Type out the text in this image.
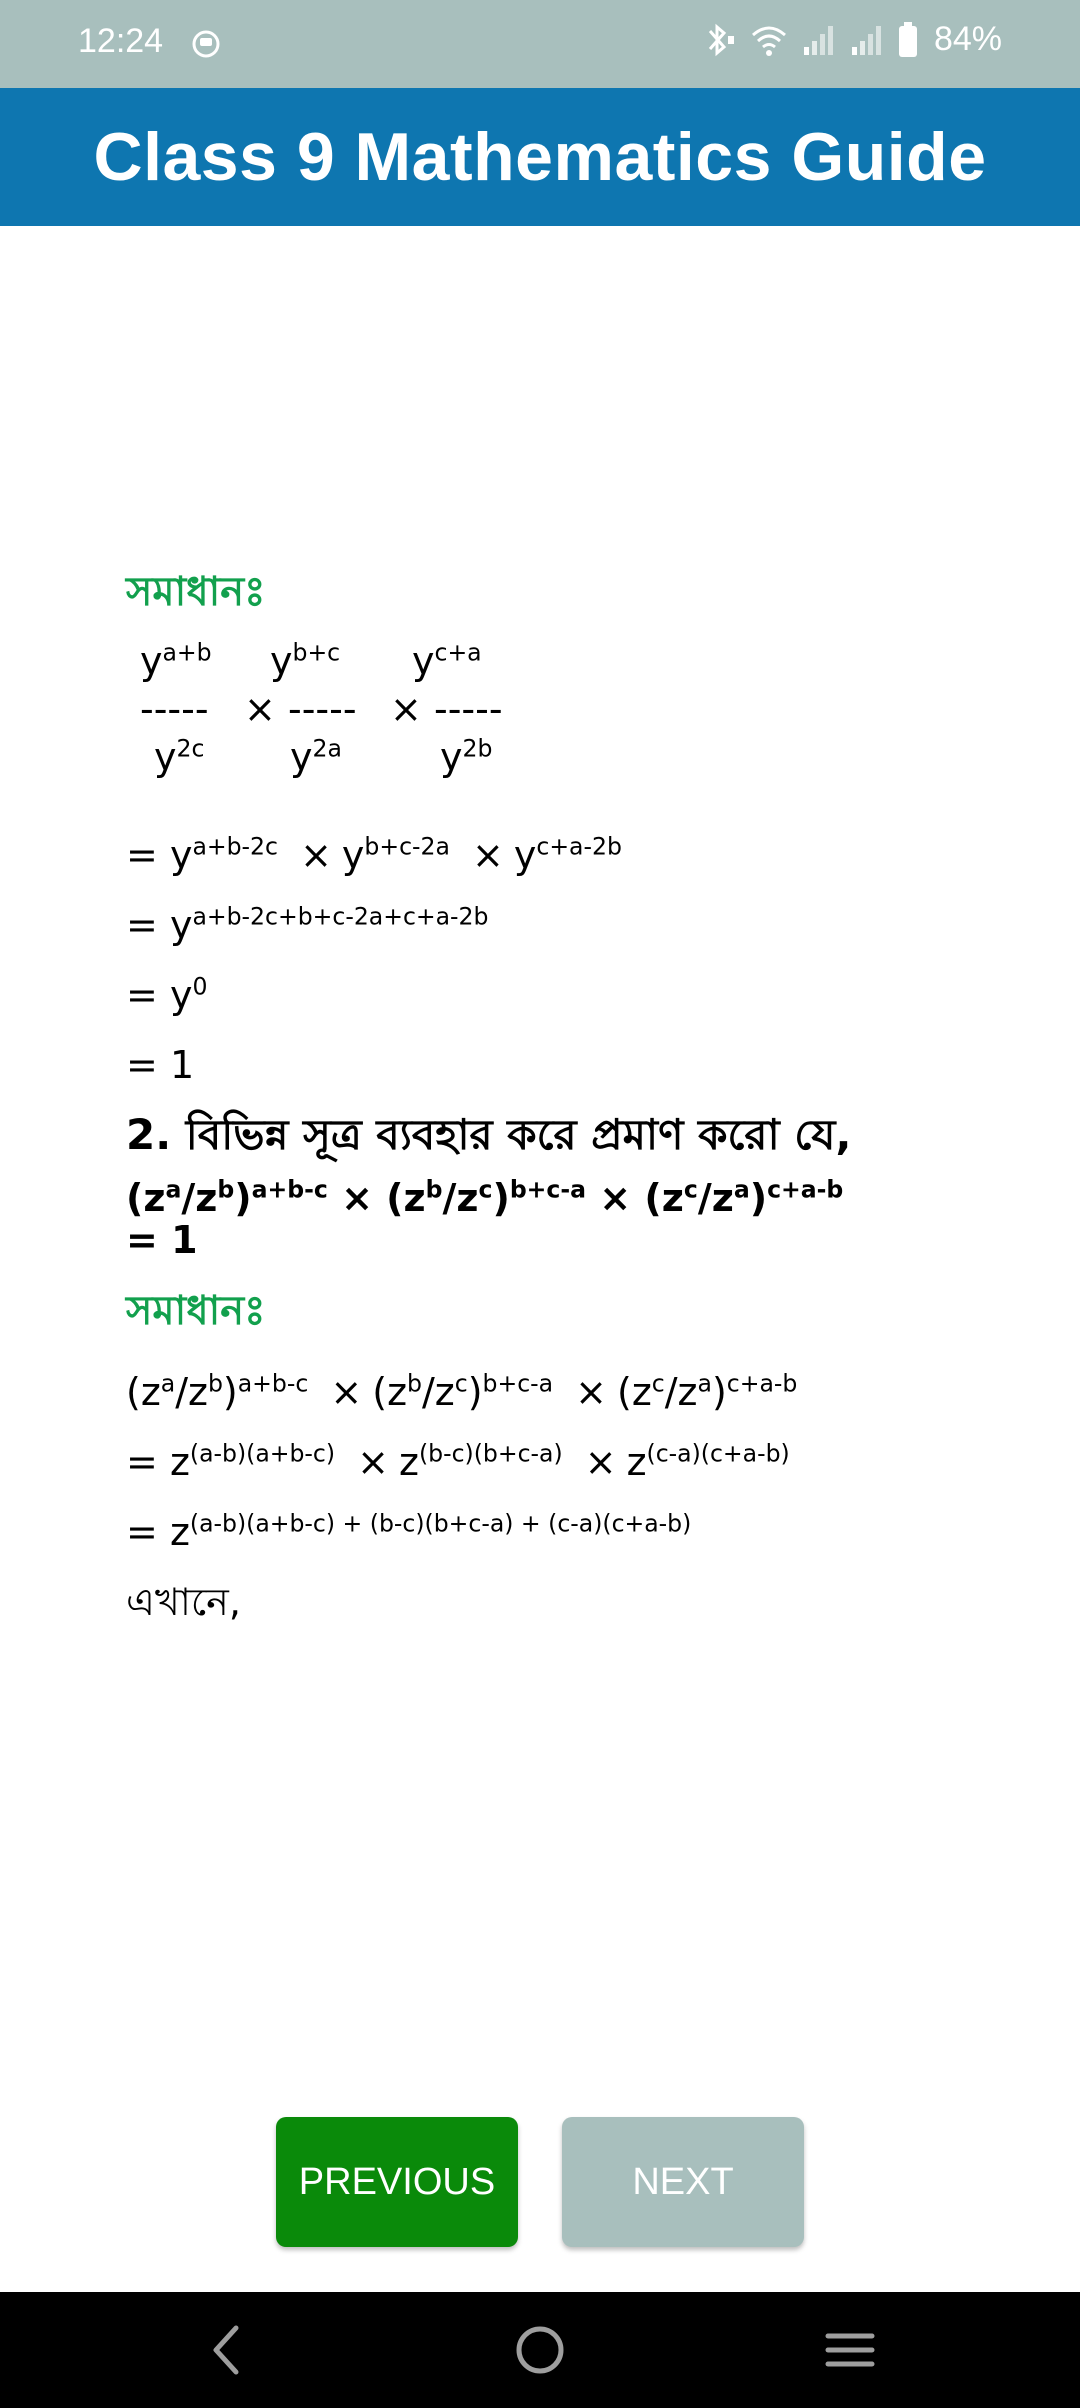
12:24	84%
Class 9 Mathematics Guide
সমাধানঃ
$y^{a+b}$ $y^{b+c}$ $y^{c+a}$
----- × ----- × -----
$y^{2c}$ $y^{2a}$	$y^{2b}$
= $y^{a+b-2c} \times y^{b+c-2a} \times y^{c+a-2b}$
= $y^{a+b-2c+b+c-2a+c+a-2b}$
= $y^0$
= 1
2. বিভিন্ন সূত্র ব্যবহার করে প্রমাণ করো যে,
$(z^a/z^b)^{a+b-c} \times (z^b/z^c)^{b+c-a} \times (z^c/z^a)^{c+a-b}$
= 1
সমাধানঃ
$(z^a/z^b)^{a+b-c} \times (z^b/z^c)^{b+c-a} \times (z^c/z^a)^{c+a-b}$
= $z^{(a-b)(a+b-c)} \times z^{(b-c)(b+c-a)} \times z^{(c-a)(c+a-b)}$
= $z^{(a-b)(a+b-c) + (b-c)(b+c-a) + (c-a)(c+a-b)}$
এখানে,
PREVIOUS	NEXT
